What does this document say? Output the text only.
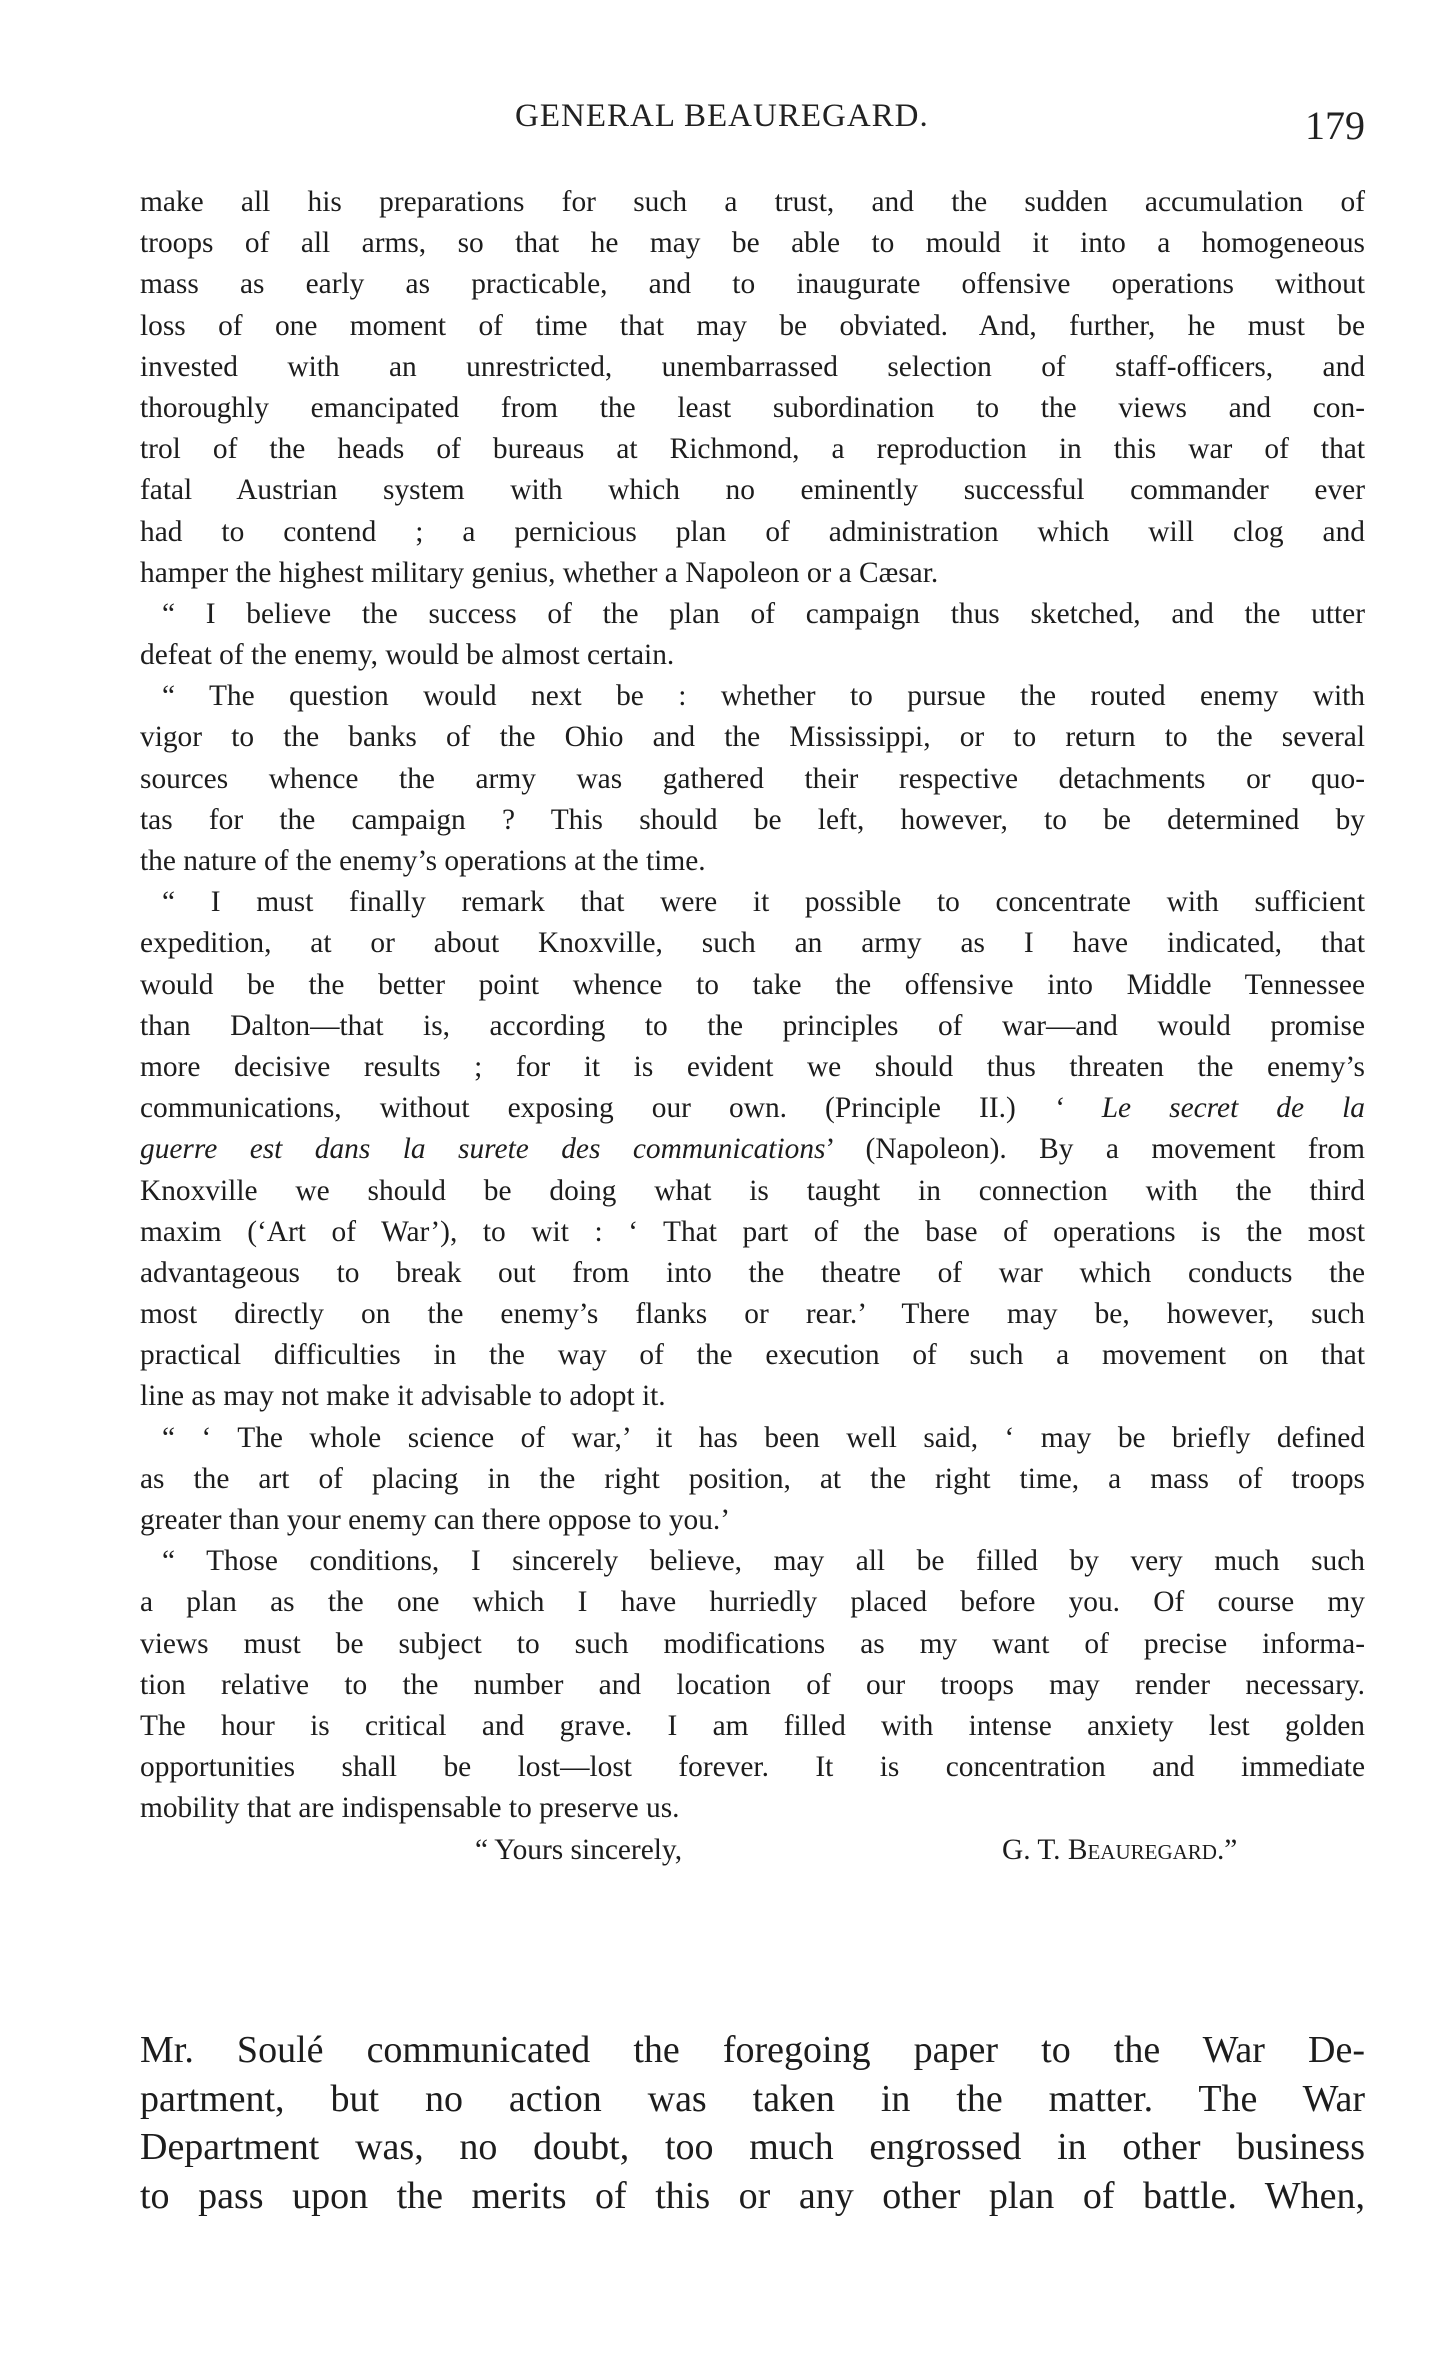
GENERAL BEAUREGARD.	179
make all his preparations for such a trust, and the sudden accumulation of
troops of all arms, so that he may be able to mould it into a homogeneous
mass as early as practicable, and to inaugurate offensive operations without
loss of one moment of time that may be obviated. And, further, he must be
invested with an unrestricted, unembarrassed selection of staff-officers, and
thoroughly emancipated from the least subordination to the views and con-
trol of the heads of bureaus at Richmond, a reproduction in this war of that
fatal Austrian system with which no eminently successful commander ever
had to contend ; a pernicious plan of administration which will clog and
hamper the highest military genius, whether a Napoleon or a Cæsar.
“ I believe the success of the plan of campaign thus sketched, and the utter
defeat of the enemy, would be almost certain.
“ The question would next be : whether to pursue the routed enemy with
vigor to the banks of the Ohio and the Mississippi, or to return to the several
sources whence the army was gathered their respective detachments or quo-
tas for the campaign ? This should be left, however, to be determined by
the nature of the enemy’s operations at the time.
“ I must finally remark that were it possible to concentrate with sufficient
expedition, at or about Knoxville, such an army as I have indicated, that
would be the better point whence to take the offensive into Middle Tennessee
than Dalton—that is, according to the principles of war—and would promise
more decisive results ; for it is evident we should thus threaten the enemy’s
communications, without exposing our own. (Principle II.) ‘ Le secret de la
guerre est dans la surete des communications’ (Napoleon). By a movement from
Knoxville we should be doing what is taught in connection with the third
maxim (‘Art of War’), to wit : ‘ That part of the base of operations is the most
advantageous to break out from into the theatre of war which conducts the
most directly on the enemy’s flanks or rear.’ There may be, however, such
practical difficulties in the way of the execution of such a movement on that
line as may not make it advisable to adopt it.
“ ‘ The whole science of war,’ it has been well said, ‘ may be briefly defined
as the art of placing in the right position, at the right time, a mass of troops
greater than your enemy can there oppose to you.’
“ Those conditions, I sincerely believe, may all be filled by very much such
a plan as the one which I have hurriedly placed before you. Of course my
views must be subject to such modifications as my want of precise informa-
tion relative to the number and location of our troops may render necessary.
The hour is critical and grave. I am filled with intense anxiety lest golden
opportunities shall be lost—lost forever. It is concentration and immediate
mobility that are indispensable to preserve us.
“ Yours sincerely,	G. T. Beauregard.”
Mr. Soulé communicated the foregoing paper to the War De-
partment, but no action was taken in the matter. The War
Department was, no doubt, too much engrossed in other business
to pass upon the merits of this or any other plan of battle. When,
